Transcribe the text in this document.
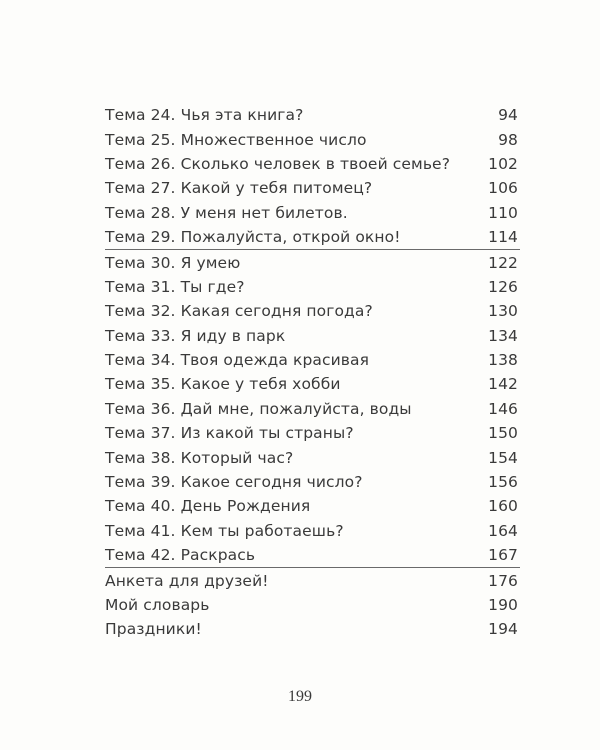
Тема 24. Чья эта книга?	94
Тема 25. Множественное число	98
Тема 26. Сколько человек в твоей семье? 102
Тема 27. Какой у тебя питомец?	106
Тема 28. У меня нет билетов.	110
Тема 29. Пожалуйста, открой окно!	114
Тема 30. Я умею	122
Тема 31. Ты где?	126
Тема 32. Какая сегодня погода?	130
Тема 33. Я иду в парк	134
Тема 34. Твоя одежда красивая	138
Тема 35. Какое у тебя хобби	142
Тема 36. Дай мне, пожалуйста, воды	146
Тема 37. Из какой ты страны?	150
Тема 38. Который час?	154
Тема 39. Какое сегодня число?	156
Тема 40. День Рождения	160
Тема 41. Кем ты работаешь?	164
Тема 42. Раскрась	167
Анкета для друзей!	176
Мой словарь	190
Праздники!	194
199
